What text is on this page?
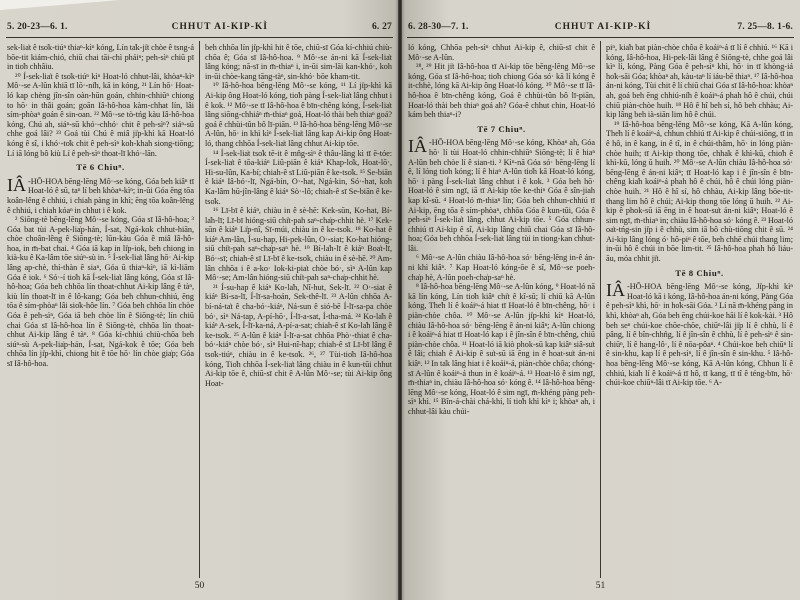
5. 20-23—6. 1.	CHHUT AI-KIP-KÌ	6. 27

sek-lia̍t ê tso̍k-tiúⁿ thiaⁿ-kìⁿ kóng, Lín ta̍k-ji̍t chòe ê tsng-á bōe-tit kiám-chió, chiū chai tāi-chì pháiⁿ; peh-sìⁿ chiū pī in tio̍h chhâiu.

²⁰ Í-sek-lia̍t ê tso̍k-tiúⁿ kìⁿ Hoat-ló chhut-lâi, khòaⁿ-kìⁿ Mô·-se A-lûn khiā tī lō·-ni̍h, kā in kóng, ²¹ Lín hō· Hoat-ló kap chèng jîn-sîn oàn-hūn goán, chhin-chhiūⁿ chiong to hō· in thâi goán; goān Iâ-hô-hoa kàm-chhat lín, lâi sím-phòaⁿ goán ê sin-oan. ²² Mô·-se tò-tńg kàu Iâ-hô-hoa kóng, Chú ah, siáⁿ-sū khó·-chhó· chit ê peh-sìⁿ? siáⁿ-sū chhe goá lâi? ²³ Goá tùi Chú ê miâ ji̍p-khì kā Hoat-ló kóng ê sî, i khó·-to̍k chit ê peh-sìⁿ koh-khah siong-tiōng; Lí iā lóng bô kiù Lí ê peh-sìⁿ thoat-lī khó·-lān.

Tē 6 Chiuⁿ.

IÂ -HŌ-HOA bēng-lēng Mô·-se kóng, Góa beh kiâⁿ tī Hoat-ló ê sū, taⁿ lí beh khòaⁿ-kìⁿ; in-ūi Góa ēng tōa koân-lêng ê chhiú, i chiah pàng in khì; ēng tōa koân-lêng ê chhiú, i chiah kóaⁿ in chhut i ê kok.

² Siōng-tè bēng-lēng Mô·-se kóng, Góa sī Iâ-hô-hoa; ³ Góa bat tùi A-pek-lia̍p-hán, Í-sat, Ngá-kok chhut-hiān, chòe choân-lêng ê Siōng-tè; lūn-kàu Góa ê miâ Iâ-hô-hoa, in m̄-bat chai. ⁴ Góa iā kap in li̍p-iok, beh chiong in kià-ku ê Ka-lâm tōe siúⁿ-sù in. ⁵ Í-sek-lia̍t lâng hō· Ai-kip lâng ap-chè, thí-thàn ê siaⁿ, Góa ū thiaⁿ-kìⁿ, iā kì-liām Góa ê iok. ⁶ Só·-í tio̍h kā Í-sek-lia̍t lâng kóng, Góa sī Iâ-hô-hoa; Góa beh chhōa lín thoat-chhut Ai-kip lâng ê tàⁿ, kiù lín thoat-lī in ê lô-kang; Góa beh chhun-chhiú, ēng tōa ê sím-phòaⁿ lâi sio̍k-hôe lín. ⁷ Góa beh chhōa lín chòe Góa ê peh-sìⁿ, Góa iā beh chòe lín ê Siōng-tè; lín chiū chai Góa sī Iâ-hô-hoa lín ê Siōng-tè, chhōa lín thoat-chhut Ai-kip lâng ê tàⁿ. ⁸ Góa kí-chhiú chiù-chōa beh siúⁿ-sù A-pek-lia̍p-hán, Í-sat, Ngá-kok ê tōe; Góa beh chhōa lín ji̍p-khì, chiong hit ê tōe hō· lín chòe gia̍p; Góa sī Iâ-hô-hoa.

beh chhōa lín ji̍p-khì hit ê tōe, chiū-sī Góa kí-chhiú chiù-chōa ê; Góa sī Iâ-hô-hoa. ⁹ Mô·-se án-ni kā Í-sek-lia̍t lâng kóng; nā-sī in m̄-thiaⁿ i, in-ūi sim-lāi kan-khó·, koh in-ūi chòe-kang tāng-tàⁿ, sin-khó· bōe kham-tit.

¹⁰ Iâ-hô-hoa bēng-lēng Mô·-se kóng, ¹¹ Lí ji̍p-khì kā Ai-kip ông Hoat-ló kóng, tio̍h pàng Í-sek-lia̍t lâng chhut i ê kok. ¹² Mô·-se tī Iâ-hô-hoa ê bīn-chêng kóng, Í-sek-lia̍t lâng siōng-chhiáⁿ m̄-thiaⁿ goá, Hoat-ló thài beh thiaⁿ goá? goá ê chhùi-tûn bô lī-piān. ¹³ Iâ-hô-hoa bēng-lēng Mô·-se A-lûn, hō· in khì kìⁿ Í-sek-lia̍t lâng kap Ai-kip ông Hoat-ló, thang chhōa Í-sek-lia̍t lâng chhut Ai-kip tōe.

¹⁴ Í-sek-lia̍t tso̍k tē-it ê mn̂g-sìⁿ ê thâu-lâng kì tī ē-tóe: Í-sek-lia̍t ê tōa-kiáⁿ Liû-piān ê kiáⁿ Khap-lo̍k, Hoat-lō·, Hi-su-lûn, Ka-bí; chiah-ê sī Liû-piān ê ke-tso̍k. ¹⁵ Se-biān ê kiáⁿ Iâ-bó·-lī, Ngá-bín, O·-hat, Ngá-kin, Só·-hat, koh Ka-lâm hū-jîn-lâng ê kiáⁿ Sò·-lô; chiah-ê sī Se-biān ê ke-tso̍k.

¹⁶ Lī-bī ê kiáⁿ, chiàu in ê sè-hē: Kek-sūn, Ko-hat, Bí-la̍h-lī; Lī-bī hióng-siū chi̍t-pah saⁿ-cha̍p-chhit hè. ¹⁷ Kek-sūn ê kiáⁿ Li̍p-nî, Sī-múi, chiàu in ê ke-tso̍k. ¹⁸ Ko-hat ê kiáⁿ Am-lân, Í-su-hap, Hi-pek-lûn, O·-siat; Ko-hat hióng-siū chi̍t-pah saⁿ-cha̍p-saⁿ hè. ¹⁹ Bí-la̍h-lī ê kiáⁿ Boa̍t-lī, Bó·-sī; chiah-ê sī Lī-bī ê ke-tso̍k, chiàu in ê sè-hē. ²⁰ Am-lân chhōa i ê a-ko· Iok-ki-pia̍t chòe bó·, sìⁿ A-lûn kap Mô·-se; Am-lân hióng-siū chi̍t-pah saⁿ-cha̍p-chhit hè.

²¹ Í-su-hap ê kiáⁿ Ko-la̍h, Nî-hut, Sek-lī. ²² O·-siat ê kiáⁿ Bí-sa-lī, Í-lī-sa-hoán, Sek-thê-lī. ²³ A-lûn chhōa A-bí-ná-ta̍t ê cha-bó·-kiáⁿ, Ná-sun ê sió-bē Í-lī-sa-pa chòe bó·, sìⁿ Ná-tap, A-pí-hō·, Í-lī-a-sat, Í-tha-má. ²⁴ Ko-la̍h ê kiáⁿ A-sek, Í-lī-ka-ná, A-pí-a-sat; chiah-ê sī Ko-la̍h lâng ê ke-tso̍k. ²⁵ A-lûn ê kiáⁿ Í-lī-a-sat chhōa Phò·-thiat ê cha-bó·-kiáⁿ chòe bó·, sìⁿ Hui-nî-hap; chiah-ê sī Lī-bī lâng ê tso̍k-tiúⁿ, chiàu in ê ke-tso̍k. ²⁶, ²⁷ Tùi-tio̍h Iâ-hô-hoa kóng, Tio̍h chhōa Í-sek-lia̍t lâng chiàu in ê kun-tūi chhut Ai-kip tōe ê, chiū-sī chit ê A-lûn Mô·-se; tùi Ai-kip ông Hoat-

50
6. 28-30—7. 1.	CHHUT AI-KIP-KÌ	7. 25—8. 1-6.

ló kóng, Chhōa peh-sìⁿ chhut Ai-kip ê, chiū-sī chit ê Mô·-se A-lûn.

²⁸, ²⁹ Hit ji̍t Iâ-hô-hoa tī Ai-kip tōe bēng-lēng Mô·-se kóng, Góa sī Iâ-hô-hoa; tio̍h chiong Góa só· kā lí kóng ê it-chhè, lóng kā Ai-kip ông Hoat-ló kóng. ³⁰ Mô·-se tī Iâ-hô-hoa ê bīn-chêng kóng, Goá ê chhùi-tûn bô lī-piān, Hoat-ló thài beh thiaⁿ goá ah? Góa-ê chhut chin, Hoat-ló kám beh thiaⁿ-i?

Tē 7 Chiuⁿ.

IÂ -HŌ-HOA bēng-lēng Mô·-se kóng, Khòaⁿ ah, Góa hō· lí tùi Hoat-ló chhin-chhiūⁿ Siōng-tè; lí ê hiaⁿ A-lûn beh chòe lí ê sian-ti. ² Kìⁿ-nā Góa só· bēng-lēng lí ê, lí lóng tio̍h kóng; lí ê hiaⁿ A-lûn tio̍h kā Hoat-ló kóng, hō· i pàng Í-sek-lia̍t lâng chhut i ê kok. ³ Góa beh hō· Hoat-ló ê sim ngī, iā tī Ai-kip tōe ke-thiⁿ Góa ê sîn-jiah kap kî-sū. ⁴ Hoat-ló m̄-thiaⁿ lín; Góa beh chhun-chhiú tī Ai-kip, ēng tōa ê sím-phòaⁿ, chhōa Góa ê kun-tūi, Góa ê peh-sìⁿ Í-sek-lia̍t lâng, chhut Ai-kip tōe. ⁵ Góa chhun-chhiú tī Ai-kip ê sî, Ai-kip lâng chiū chai Góa sī Iâ-hô-hoa; Góa beh chhōa Í-sek-lia̍t lâng tùi in tiong-kan chhut-lâi.

⁶ Mô·-se A-lûn chiàu Iâ-hô-hoa só· bēng-lēng in-ê án-ni khì kiâⁿ. ⁷ Kap Hoat-ló kóng-ōe ê sî, Mô·-se poeh-cha̍p hè, A-lûn poeh-cha̍p-saⁿ hè.

⁸ Iâ-hô-hoa bēng-lēng Mô·-se A-lûn kóng, ⁹ Hoat-ló nā kā lín kóng, Lín tio̍h kiâⁿ chi̍t ê kî-sū; lí chiū kā A-lûn kóng, The̍h lí ê koáiⁿ-á hiat tī Hoat-ló ê bīn-chêng, hō· i piàn-chòe chôa. ¹⁰ Mô·-se A-lûn ji̍p-khì kìⁿ Hoat-ló, chiàu Iâ-hô-hoa só· bēng-lēng ê án-ni kiâⁿ; A-lûn chiong i ê koáiⁿ-á hiat tī Hoat-ló kap i ê jîn-sîn ê bīn-chêng, chiū piàn-chòe chôa. ¹¹ Hoat-ló iā kiò phok-sū kap kiâⁿ siâ-su̍t ê lâi; chiah ê Ai-kip ê su̍t-sū iā ēng in ê hoat-su̍t án-ni kiâⁿ. ¹² In ta̍k lâng hiat i ê koáiⁿ-á, piàn-chòe chôa; chóng-sī A-lûn ê koáiⁿ-á thun in ê koáiⁿ-á. ¹³ Hoat-ló ê sim ngī, m̄-thiaⁿ in, chiàu Iâ-hô-hoa só· kóng ê. ¹⁴ Iâ-hô-hoa bēng-lēng Mô·-se kóng, Hoat-ló ê sim ngī, m̄-khéng pàng peh-sìⁿ khì. ¹⁵ Bîn-á-chài chá-khí, lí tio̍h khì kìⁿ i; khòaⁿ ah, i chhut-lâi kàu chúi-

piⁿ, kia̍h bat piàn-chòe chôa ê koáiⁿ-á tī lí ê chhiú. ¹⁶ Kā i kóng, Iâ-hô-hoa, Hi-pek-lâi lâng ê Siōng-tè, chhe goá lâi kìⁿ lí, kóng, Pàng Góa ê peh-sìⁿ khì, hō· in tī khòng-iá ho̍k-sāi Góa; khòaⁿ ah, kàu-taⁿ lí iáu-bē thiaⁿ. ¹⁷ Iâ-hô-hoa án-ni kóng, Tùi chit ê lí chiū chai Góa sī Iâ-hô-hoa: khòaⁿ ah, goá beh ēng chhiú-ni̍h ê koáiⁿ-á phah hô ê chúi, chúi chiū piàn-chòe huih. ¹⁸ Hô ê hî beh sí, hô beh chhàu; Ai-kip lâng beh ià-siān lim hô ê chúi.

¹⁹ Iâ-hô-hoa bēng-lēng Mô·-se kóng, Kā A-lûn kóng, The̍h lí ê koáiⁿ-á, chhun chhiú tī Ai-kip ê chúi-siōng, tī in ê hô, in ê kang, in ê tî, in ê chúi-thâm, hō· in lóng piàn-chòe huih; tī Ai-kip thong tōe, chha̍k ê khì-kū, chio̍h ê khì-kū, lóng ū huih. ²⁰ Mô·-se A-lûn chiàu Iâ-hô-hoa só· bēng-lēng ê án-ni kiâⁿ; tī Hoat-ló kap i ê jîn-sîn ê bīn-chêng kia̍h koáiⁿ-á phah hô ê chúi, hô ê chúi lóng piàn-chòe huih. ²¹ Hô ê hî sí, hô chhàu, Ai-kip lâng bōe-tit-thang lim hô ê chúi; Ai-kip thong tōe lóng ū huih. ²² Ai-kip ê phok-sū iā ēng in ê hoat-su̍t án-ni kiâⁿ; Hoat-ló ê sim ngī, m̄-thiaⁿ in; chiàu Iâ-hô-hoa só· kóng ê. ²³ Hoat-ló oa̍t-tńg-sin ji̍p i ê chhù, sim iā bô chù-tiōng chit ê sū. ²⁴ Ai-kip lâng lóng ó· hô-piⁿ ê tōe, beh chhē chúi thang lim; in-ūi hô ê chúi in bōe lim-tit. ²⁵ Iâ-hô-hoa phah hô liáu-āu, móa chhit ji̍t.

Tē 8 Chiuⁿ.

IÂ -HŌ-HOA bēng-lēng Mô·-se kóng, Ji̍p-khì kìⁿ Hoat-ló kā i kóng, Iâ-hô-hoa án-ni kóng, Pàng Góa ê peh-sìⁿ khì, hō· in ho̍k-sāi Góa. ² Lí nā m̄-khéng pàng in khì, khòaⁿ ah, Góa beh ēng chúi-koe hāi lí ê kok-kài. ³ Hô beh seⁿ chúi-koe chōe-chōe, chiūⁿ-lâi ji̍p lí ê chhù, lí ê pâng, lí ê bîn-chhn̂g, lí ê jîn-sîn ê chhù, lí ê peh-sìⁿ ê sin-chiūⁿ, lí ê hang-lô·, lí ê nōa-pôaⁿ. ⁴ Chúi-koe beh chiūⁿ lí ê sin-khu, kap lí ê peh-sìⁿ, lí ê jîn-sîn ê sin-khu. ⁵ Iâ-hô-hoa bēng-lēng Mô·-se kóng, Kā A-lûn kóng, Chhun lí ê chhiú, kia̍h lí ê koáiⁿ-á tī hô, tī kang, tī tî ê téng-bīn, hō· chúi-koe chiūⁿ-lâi tī Ai-kip tōe. ⁶ A-

51
